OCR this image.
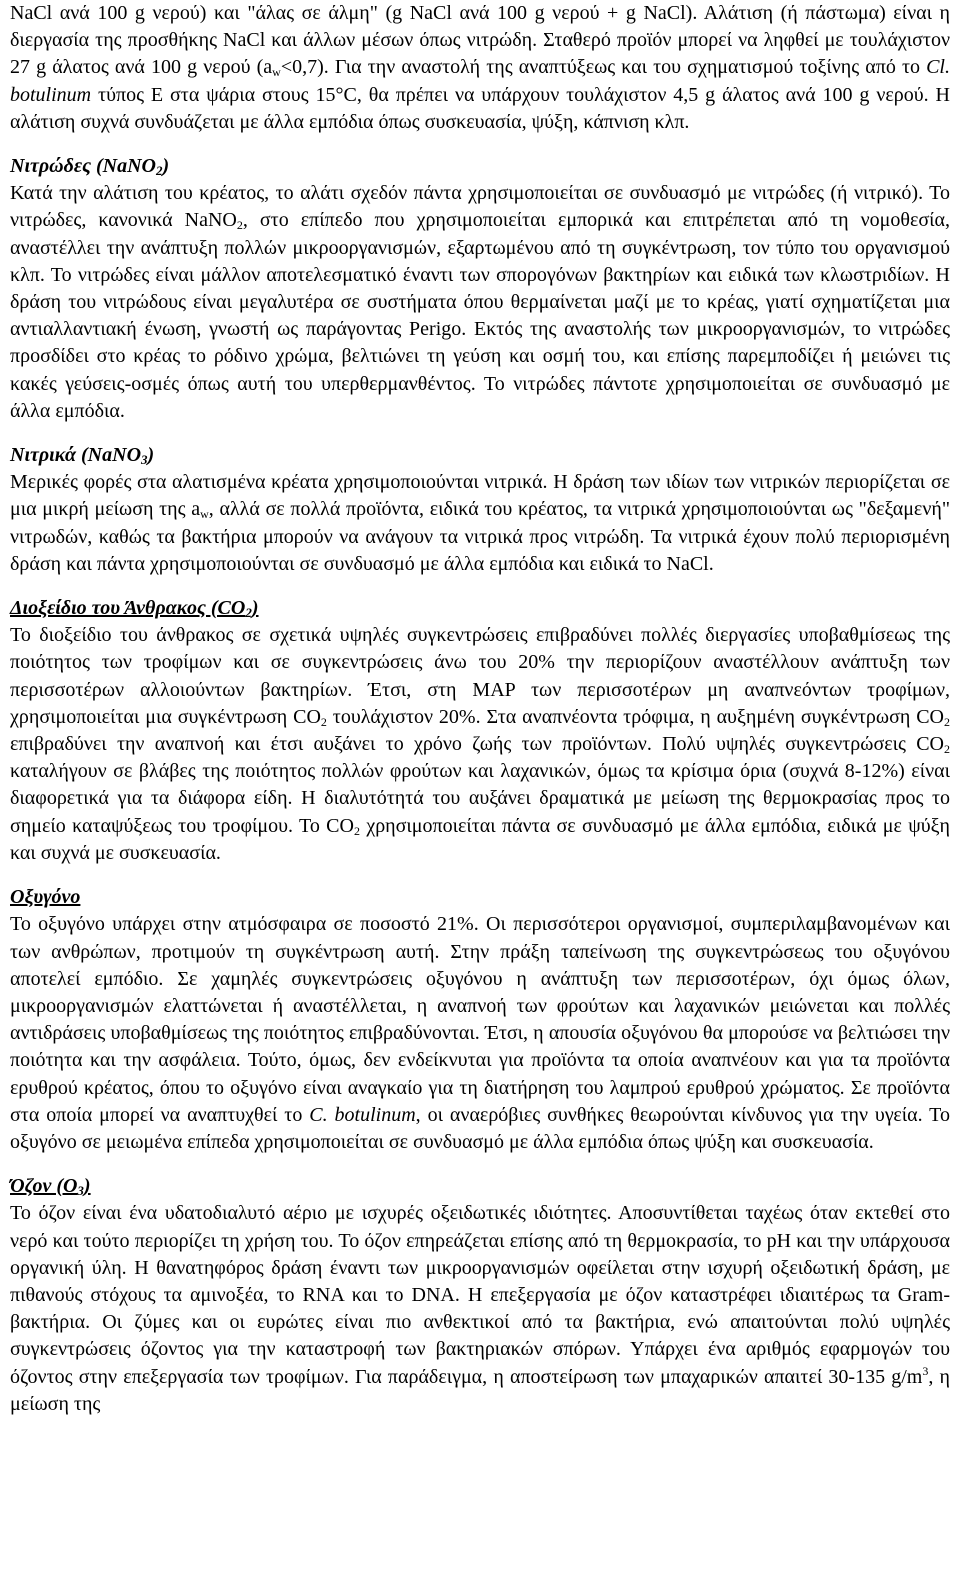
NaCl ανά 100 g νερού) και "άλας σε άλμη" (g NaCl ανά 100 g νερού + g NaCl). Αλάτιση (ή πάστωμα) είναι η διεργασία της προσθήκης NaCl και άλλων μέσων όπως νιτρώδη. Σταθερό προϊόν μπορεί να ληφθεί με τουλάχιστον 27 g άλατος ανά 100 g νερού $(a_w<0,7)$. Για την αναστολή της αναπτύξεως και του σχηματισμού τοξίνης από το Cl. botulinum τύπος Ε στα ψάρια στους 15°C, θα πρέπει να υπάρχουν τουλάχιστον 4,5 g άλατος ανά 100 g νερού. Η αλάτιση συχνά συνδυάζεται με άλλα εμπόδια όπως συσκευασία, ψύξη, κάπνιση κλπ.

Νιτρώδες (NaNO2)

Κατά την αλάτιση του κρέατος, το αλάτι σχεδόν πάντα χρησιμοποιείται σε συνδυασμό με νιτρώδες (ή νιτρικό). Το νιτρώδες, κανονικά NaNO$_2$, στο επίπεδο που χρησιμοποιείται εμπορικά και επιτρέπεται από τη νομοθεσία, αναστέλλει την ανάπτυξη πολλών μικροοργανισμών, εξαρτωμένου από τη συγκέντρωση, τον τύπο του οργανισμού κλπ. Το νιτρώδες είναι μάλλον αποτελεσματικό έναντι των σπορογόνων βακτηρίων και ειδικά των κλωστριδίων. Η δράση του νιτρώδους είναι μεγαλυτέρα σε συστήματα όπου θερμαίνεται μαζί με το κρέας, γιατί σχηματίζεται μια αντιαλλαντιακή ένωση, γνωστή ως παράγοντας Perigo. Εκτός της αναστολής των μικροοργανισμών, το νιτρώδες προσδίδει στο κρέας το ρόδινο χρώμα, βελτιώνει τη γεύση και οσμή του, και επίσης παρεμποδίζει ή μειώνει τις κακές γεύσεις-οσμές όπως αυτή του υπερθερμανθέντος. Το νιτρώδες πάντοτε χρησιμοποιείται σε συνδυασμό με άλλα εμπόδια.

Νιτρικά (NaNO3)

Μερικές φορές στα αλατισμένα κρέατα χρησιμοποιούνται νιτρικά. Η δράση των ιδίων των νιτρικών περιορίζεται σε μια μικρή μείωση της $a_w$, αλλά σε πολλά προϊόντα, ειδικά του κρέατος, τα νιτρικά χρησιμοποιούνται ως "δεξαμενή" νιτρωδών, καθώς τα βακτήρια μπορούν να ανάγουν τα νιτρικά προς νιτρώδη. Τα νιτρικά έχουν πολύ περιορισμένη δράση και πάντα χρησιμοποιούνται σε συνδυασμό με άλλα εμπόδια και ειδικά το NaCl.

Διοξείδιο του Άνθρακος (CO2)

Το διοξείδιο του άνθρακος σε σχετικά υψηλές συγκεντρώσεις επιβραδύνει πολλές διεργασίες υποβαθμίσεως της ποιότητος των τροφίμων και σε συγκεντρώσεις άνω του 20% την περιορίζουν αναστέλλουν ανάπτυξη των περισσοτέρων αλλοιούντων βακτηρίων. Έτσι, στη MAP των περισσοτέρων μη αναπνεόντων τροφίμων, χρησιμοποιείται μια συγκέντρωση $CO_2$ τουλάχιστον 20%. Στα αναπνέοντα τρόφιμα, η αυξημένη συγκέντρωση $CO_2$ επιβραδύνει την αναπνοή και έτσι αυξάνει το χρόνο ζωής των προϊόντων. Πολύ υψηλές συγκεντρώσεις $CO_2$ καταλήγουν σε βλάβες της ποιότητος πολλών φρούτων και λαχανικών, όμως τα κρίσιμα όρια (συχνά 8-12%) είναι διαφορετικά για τα διάφορα είδη. Η διαλυτότητά του αυξάνει δραματικά με μείωση της θερμοκρασίας προς το σημείο καταψύξεως του τροφίμου. Το $CO_2$ χρησιμοποιείται πάντα σε συνδυασμό με άλλα εμπόδια, ειδικά με ψύξη και συχνά με συσκευασία.

Οξυγόνο

Το οξυγόνο υπάρχει στην ατμόσφαιρα σε ποσοστό 21%. Οι περισσότεροι οργανισμοί, συμπεριλαμβανομένων και των ανθρώπων, προτιμούν τη συγκέντρωση αυτή. Στην πράξη ταπείνωση της συγκεντρώσεως του οξυγόνου αποτελεί εμπόδιο. Σε χαμηλές συγκεντρώσεις οξυγόνου η ανάπτυξη των περισσοτέρων, όχι όμως όλων, μικροοργανισμών ελαττώνεται ή αναστέλλεται, η αναπνοή των φρούτων και λαχανικών μειώνεται και πολλές αντιδράσεις υποβαθμίσεως της ποιότητος επιβραδύνονται. Έτσι, η απουσία οξυγόνου θα μπορούσε να βελτιώσει την ποιότητα και την ασφάλεια. Τούτο, όμως, δεν ενδείκνυται για προϊόντα τα οποία αναπνέουν και για τα προϊόντα ερυθρού κρέατος, όπου το οξυγόνο είναι αναγκαίο για τη διατήρηση του λαμπρού ερυθρού χρώματος. Σε προϊόντα στα οποία μπορεί να αναπτυχθεί το C. botulinum, οι αναερόβιες συνθήκες θεωρούνται κίνδυνος για την υγεία. Το οξυγόνο σε μειωμένα επίπεδα χρησιμοποιείται σε συνδυασμό με άλλα εμπόδια όπως ψύξη και συσκευασία.

Όζον (O3)

Το όζον είναι ένα υδατοδιαλυτό αέριο με ισχυρές οξειδωτικές ιδιότητες. Αποσυντίθεται ταχέως όταν εκτεθεί στο νερό και τούτο περιορίζει τη χρήση του. Το όζον επηρεάζεται επίσης από τη θερμοκρασία, το pH και την υπάρχουσα οργανική ύλη. Η θανατηφόρος δράση έναντι των μικροοργανισμών οφείλεται στην ισχυρή οξειδωτική δράση, με πιθανούς στόχους τα αμινοξέα, το RNA και το DNA. Η επεξεργασία με όζον καταστρέφει ιδιαιτέρως τα Gram- βακτήρια. Οι ζύμες και οι ευρώτες είναι πιο ανθεκτικοί από τα βακτήρια, ενώ απαιτούνται πολύ υψηλές συγκεντρώσεις όζοντος για την καταστροφή των βακτηριακών σπόρων. Υπάρχει ένα αριθμός εφαρμογών του όζοντος στην επεξεργασία των τροφίμων. Για παράδειγμα, η αποστείρωση των μπαχαρικών απαιτεί 30-135 $g/m^3$, η μείωση της
